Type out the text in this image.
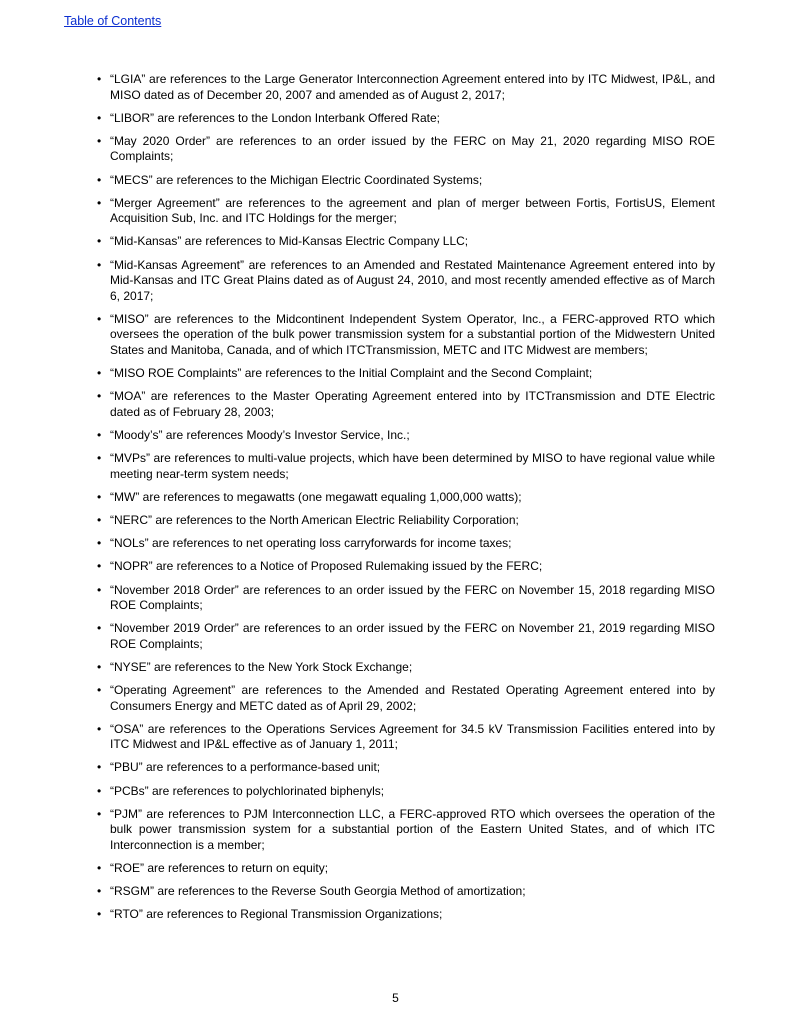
Table of Contents
• “LGIA” are references to the Large Generator Interconnection Agreement entered into by ITC Midwest, IP&L, and MISO dated as of December 20, 2007 and amended as of August 2, 2017;
• “LIBOR” are references to the London Interbank Offered Rate;
• “May 2020 Order” are references to an order issued by the FERC on May 21, 2020 regarding MISO ROE Complaints;
• “MECS” are references to the Michigan Electric Coordinated Systems;
• “Merger Agreement” are references to the agreement and plan of merger between Fortis, FortisUS, Element Acquisition Sub, Inc. and ITC Holdings for the merger;
• “Mid-Kansas” are references to Mid-Kansas Electric Company LLC;
• “Mid-Kansas Agreement” are references to an Amended and Restated Maintenance Agreement entered into by Mid-Kansas and ITC Great Plains dated as of August 24, 2010, and most recently amended effective as of March 6, 2017;
• “MISO” are references to the Midcontinent Independent System Operator, Inc., a FERC-approved RTO which oversees the operation of the bulk power transmission system for a substantial portion of the Midwestern United States and Manitoba, Canada, and of which ITCTransmission, METC and ITC Midwest are members;
• “MISO ROE Complaints” are references to the Initial Complaint and the Second Complaint;
• “MOA” are references to the Master Operating Agreement entered into by ITCTransmission and DTE Electric dated as of February 28, 2003;
• “Moody’s” are references Moody’s Investor Service, Inc.;
• “MVPs” are references to multi-value projects, which have been determined by MISO to have regional value while meeting near-term system needs;
• “MW” are references to megawatts (one megawatt equaling 1,000,000 watts);
• “NERC” are references to the North American Electric Reliability Corporation;
• “NOLs” are references to net operating loss carryforwards for income taxes;
• “NOPR” are references to a Notice of Proposed Rulemaking issued by the FERC;
• “November 2018 Order” are references to an order issued by the FERC on November 15, 2018 regarding MISO ROE Complaints;
• “November 2019 Order” are references to an order issued by the FERC on November 21, 2019 regarding MISO ROE Complaints;
• “NYSE” are references to the New York Stock Exchange;
• “Operating Agreement” are references to the Amended and Restated Operating Agreement entered into by Consumers Energy and METC dated as of April 29, 2002;
• “OSA” are references to the Operations Services Agreement for 34.5 kV Transmission Facilities entered into by ITC Midwest and IP&L effective as of January 1, 2011;
• “PBU” are references to a performance-based unit;
• “PCBs” are references to polychlorinated biphenyls;
• “PJM” are references to PJM Interconnection LLC, a FERC-approved RTO which oversees the operation of the bulk power transmission system for a substantial portion of the Eastern United States, and of which ITC Interconnection is a member;
• “ROE” are references to return on equity;
• “RSGM” are references to the Reverse South Georgia Method of amortization;
• “RTO” are references to Regional Transmission Organizations;
5
